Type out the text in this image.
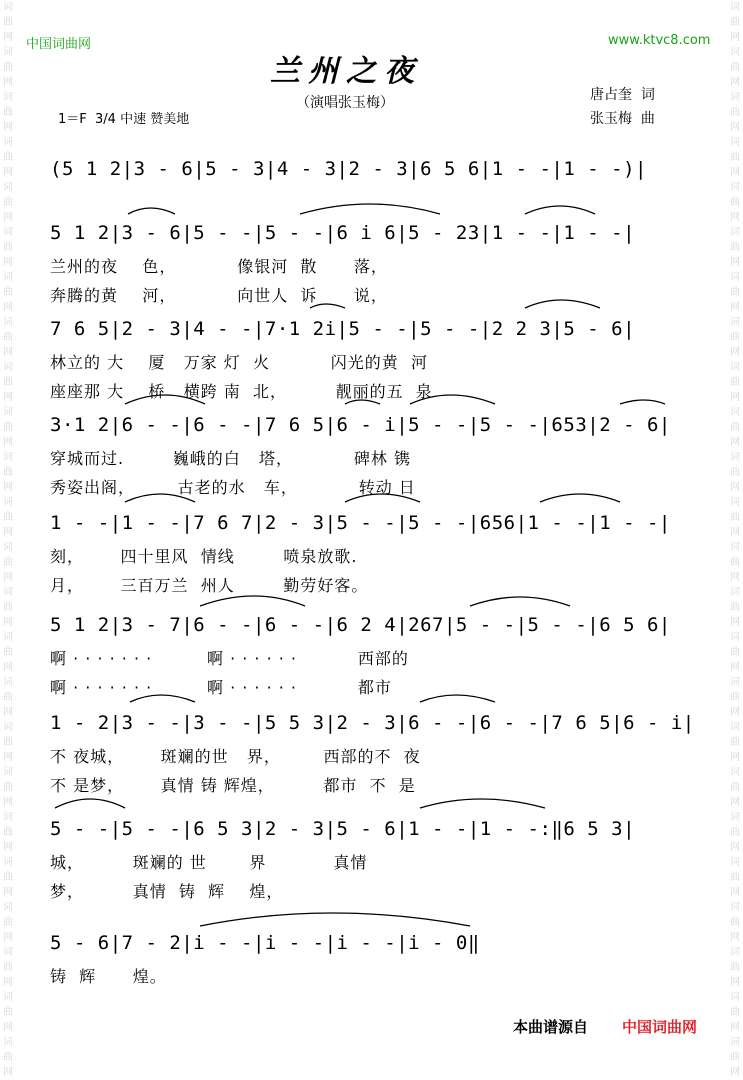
词 曲 网 词 曲 网 词 曲 网 词 曲 网 词 曲 网 词 曲 网 词 曲 网 词 曲 网 词 曲 网 词 曲 网 词 曲 网 词 曲 网 词 曲 网 词 曲 网 词 曲 网 词 曲 网 词 曲 网 词 曲 网 词 曲 网 词 曲 网 词 曲 网 词 曲 网 词 曲 网 词 曲 网
词 曲 网 词 曲 网 词 曲 网 词 曲 网 词 曲 网 词 曲 网 词 曲 网 词 曲 网 词 曲 网 词 曲 网 词 曲 网 词 曲 网 词 曲 网 词 曲 网 词 曲 网 词 曲 网 词 曲 网 词 曲 网 词 曲 网 词 曲 网 词 曲 网 词 曲 网 词 曲 网 词 曲 网
中国词曲网	www.ktvc8.com
兰州之夜
（演唱张玉梅）	唐占奎  词
张玉梅  曲
1＝F  3/4 中速 赞美地
(5 1 2|3 - 6|5 - 3|4 - 3|2 - 3|6 5 6|1 - -|1 - -)|
5 1 2|3 - 6|5 - -|5 - -|6 i 6|5 - 23|1 - -|1 - -|
兰州的夜    色，          像银河  散      落，
奔腾的黄    河，          向世人  诉      说，
7 6 5|2 - 3|4 - -|7·1 2i|5 - -|5 - -|2 2 3|5 - 6|
林立的 大    厦   万家 灯  火          闪光的黄  河
座座那 大    桥   横跨 南  北，        靓丽的五  泉
3·1 2|6 - -|6 - -|7 6 5|6 - i|5 - -|5 - -|653|2 - 6|
穿城而过.        巍峨的白   塔，          碑林 镌
秀姿出阁，       古老的水   车，          转动 日
1 - -|1 - -|7 6 7|2 - 3|5 - -|5 - -|656|1 - -|1 - -|
刻，      四十里风  情线        喷泉放歌.
月，      三百万兰  州人        勤劳好客。
5 1 2|3 - 7|6 - -|6 - -|6 2 4|267|5 - -|5 - -|6 5 6|
啊 · · · · · · ·         啊 · · · · · ·          西部的
啊 · · · · · · ·         啊 · · · · · ·          都市
1 - 2|3 - -|3 - -|5 5 3|2 - 3|6 - -|6 - -|7 6 5|6 - i|
不 夜城，      斑斓的世   界，       西部的不  夜
不 是梦，      真情 铸 辉煌，        都市  不  是
5 - -|5 - -|6 5 3|2 - 3|5 - 6|1 - -|1 - -:‖6 5 3|
城，        斑斓的 世       界           真情
梦，        真情  铸  辉    煌，
5 - 6|7 - 2|i - -|i - -|i - -|i - 0‖
铸  辉      煌。
本曲谱源自 中国词曲网
